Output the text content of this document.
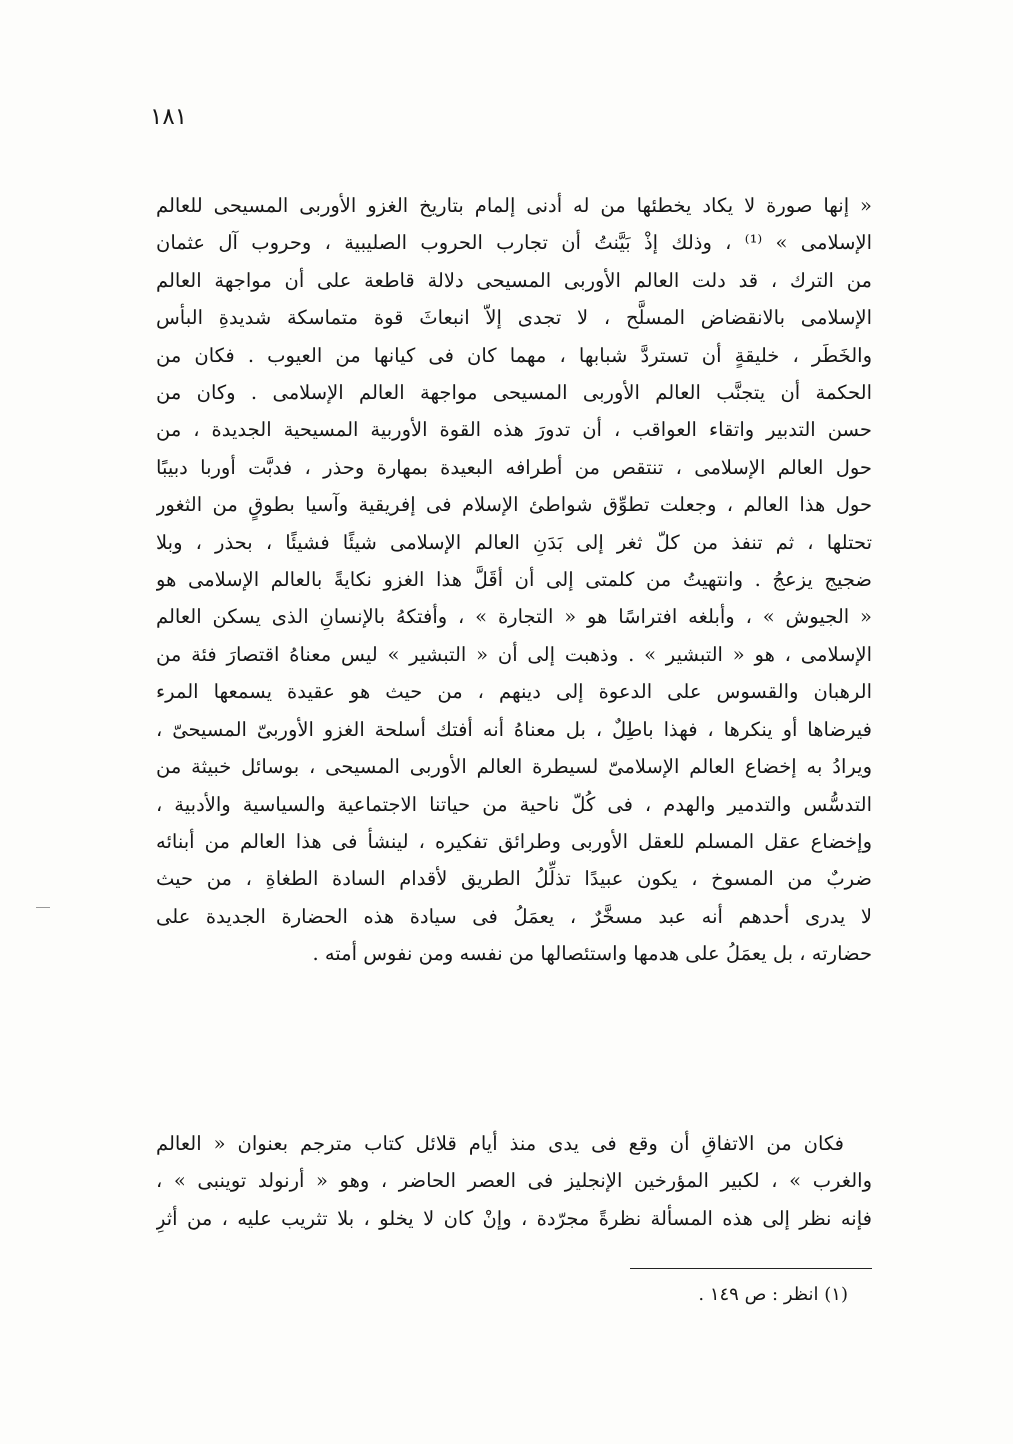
١٨١
« إنها صورة لا يكاد يخطئها من له أدنى إلمام بتاريخ الغزو الأوربى المسيحى للعالم
الإسلامى » ⁽¹⁾ ، وذلك إذْ بَيَّنتُ أن تجارب الحروب الصليبية ، وحروب آل عثمان
من الترك ، قد دلت العالم الأوربى المسيحى دلالة قاطعة على أن مواجهة العالم
الإسلامى بالانقضاض المسلَّح ، لا تجدى إلاّ انبعاثَ قوة متماسكة شديدةِ البأس
والخَطَر ، خليقةٍ أن تستردَّ شبابها ، مهما كان فى كيانها من العيوب . فكان من
الحكمة أن يتجنَّب العالم الأوربى المسيحى مواجهة العالم الإسلامى . وكان من
حسن التدبير واتقاء العواقب ، أن تدورَ هذه القوة الأوربية المسيحية الجديدة ، من
حول العالم الإسلامى ، تنتقص من أطرافه البعيدة بمهارة وحذر ، فدبَّت أوربا دبيبًا
حول هذا العالم ، وجعلت تطوِّق شواطئ الإسلام فى إفريقية وآسيا بطوقٍ من الثغور
تحتلها ، ثم تنفذ من كلّ ثغر إلى بَدَنِ العالم الإسلامى شيئًا فشيئًا ، بحذر ، وبلا
ضجيج يزعجُ . وانتهيتُ من كلمتى إلى أن أقَلَّ هذا الغزو نكايةً بالعالم الإسلامى هو
« الجيوش » ، وأبلغه افتراسًا هو « التجارة » ، وأفتكهُ بالإنسانِ الذى يسكن العالم
الإسلامى ، هو « التبشير » . وذهبت إلى أن « التبشير » ليس معناهُ اقتصارَ فئة من
الرهبان والقسوس على الدعوة إلى دينهم ، من حيث هو عقيدة يسمعها المرء
فيرضاها أو ينكرها ، فهذا باطِلٌ ، بل معناهُ أنه أفتك أسلحة الغزو الأوربىّ المسيحىّ ،
ويرادُ به إخضاع العالم الإسلامىّ لسيطرة العالم الأوربى المسيحى ، بوسائل خبيثة من
التدسُّس والتدمير والهدم ، فى كُلّ ناحية من حياتنا الاجتماعية والسياسية والأدبية ،
وإخضاع عقل المسلم للعقل الأوربى وطرائق تفكيره ، لينشأ فى هذا العالم من أبنائه
ضربٌ من المسوخ ، يكون عبيدًا تذلِّلُ الطريق لأقدام السادة الطغاةِ ، من حيث
لا يدرى أحدهم أنه عبد مسخَّرٌ ، يعمَلُ فى سيادة هذه الحضارة الجديدة على
حضارته ، بل يعمَلُ على هدمها واستئصالها من نفسه ومن نفوس أمته .
فكان من الاتفاقِ أن وقع فى يدى منذ أيام قلائل كتاب مترجم بعنوان « العالم
والغرب » ، لكبير المؤرخين الإنجليز فى العصر الحاضر ، وهو « أرنولد توينبى » ،
فإنه نظر إلى هذه المسألة نظرةً مجرّدة ، وإنْ كان لا يخلو ، بلا تثريب عليه ، من أثرِ
(١) انظر : ص ١٤٩ .
